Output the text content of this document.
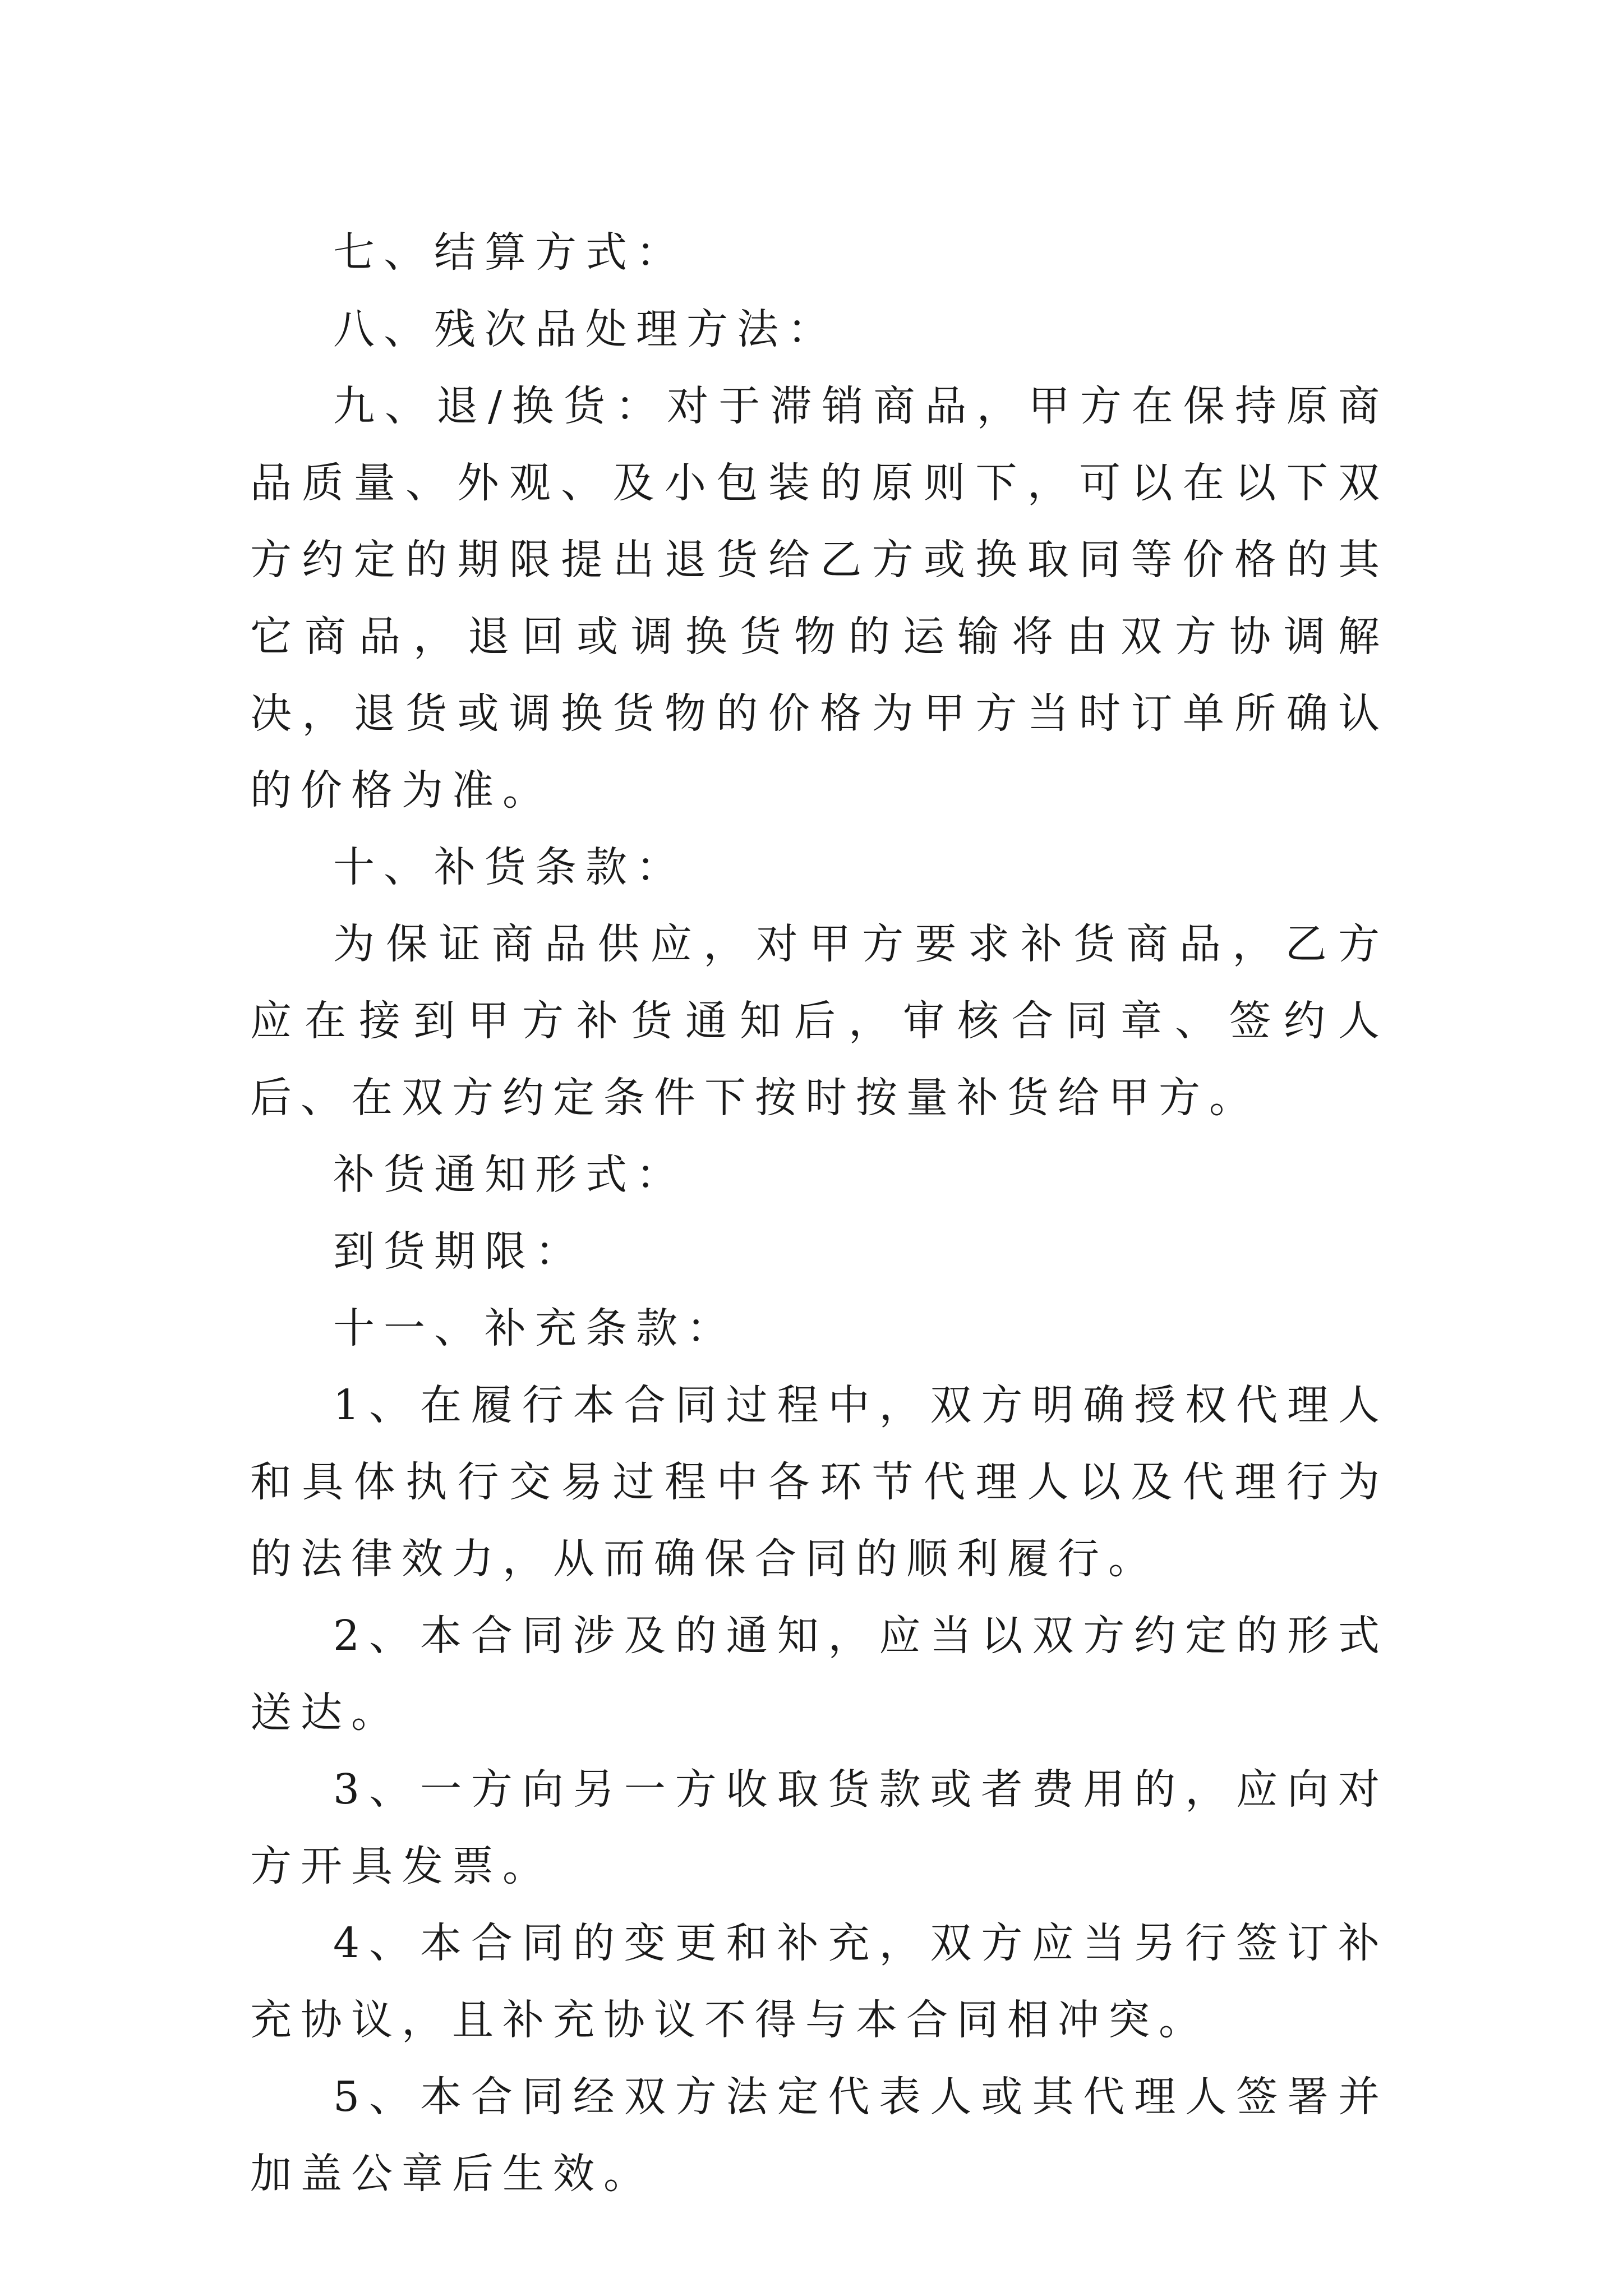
七、结算方式：

八、残次品处理方法：

九、退/换货：对于滞销商品，甲方在保持原商品质量、外观、及小包装的原则下，可以在以下双方约定的期限提出退货给乙方或换取同等价格的其它商品，退回或调换货物的运输将由双方协调解决，退货或调换货物的价格为甲方当时订单所确认的价格为准。

十、补货条款：

为保证商品供应，对甲方要求补货商品，乙方应在接到甲方补货通知后，审核合同章、签约人后、在双方约定条件下按时按量补货给甲方。

补货通知形式：

到货期限：

十一、补充条款：

1、在履行本合同过程中，双方明确授权代理人和具体执行交易过程中各环节代理人以及代理行为的法律效力，从而确保合同的顺利履行。

2、本合同涉及的通知，应当以双方约定的形式送达。

3、一方向另一方收取货款或者费用的，应向对方开具发票。

4、本合同的变更和补充，双方应当另行签订补充协议，且补充协议不得与本合同相冲突。

5、本合同经双方法定代表人或其代理人签署并加盖公章后生效。
